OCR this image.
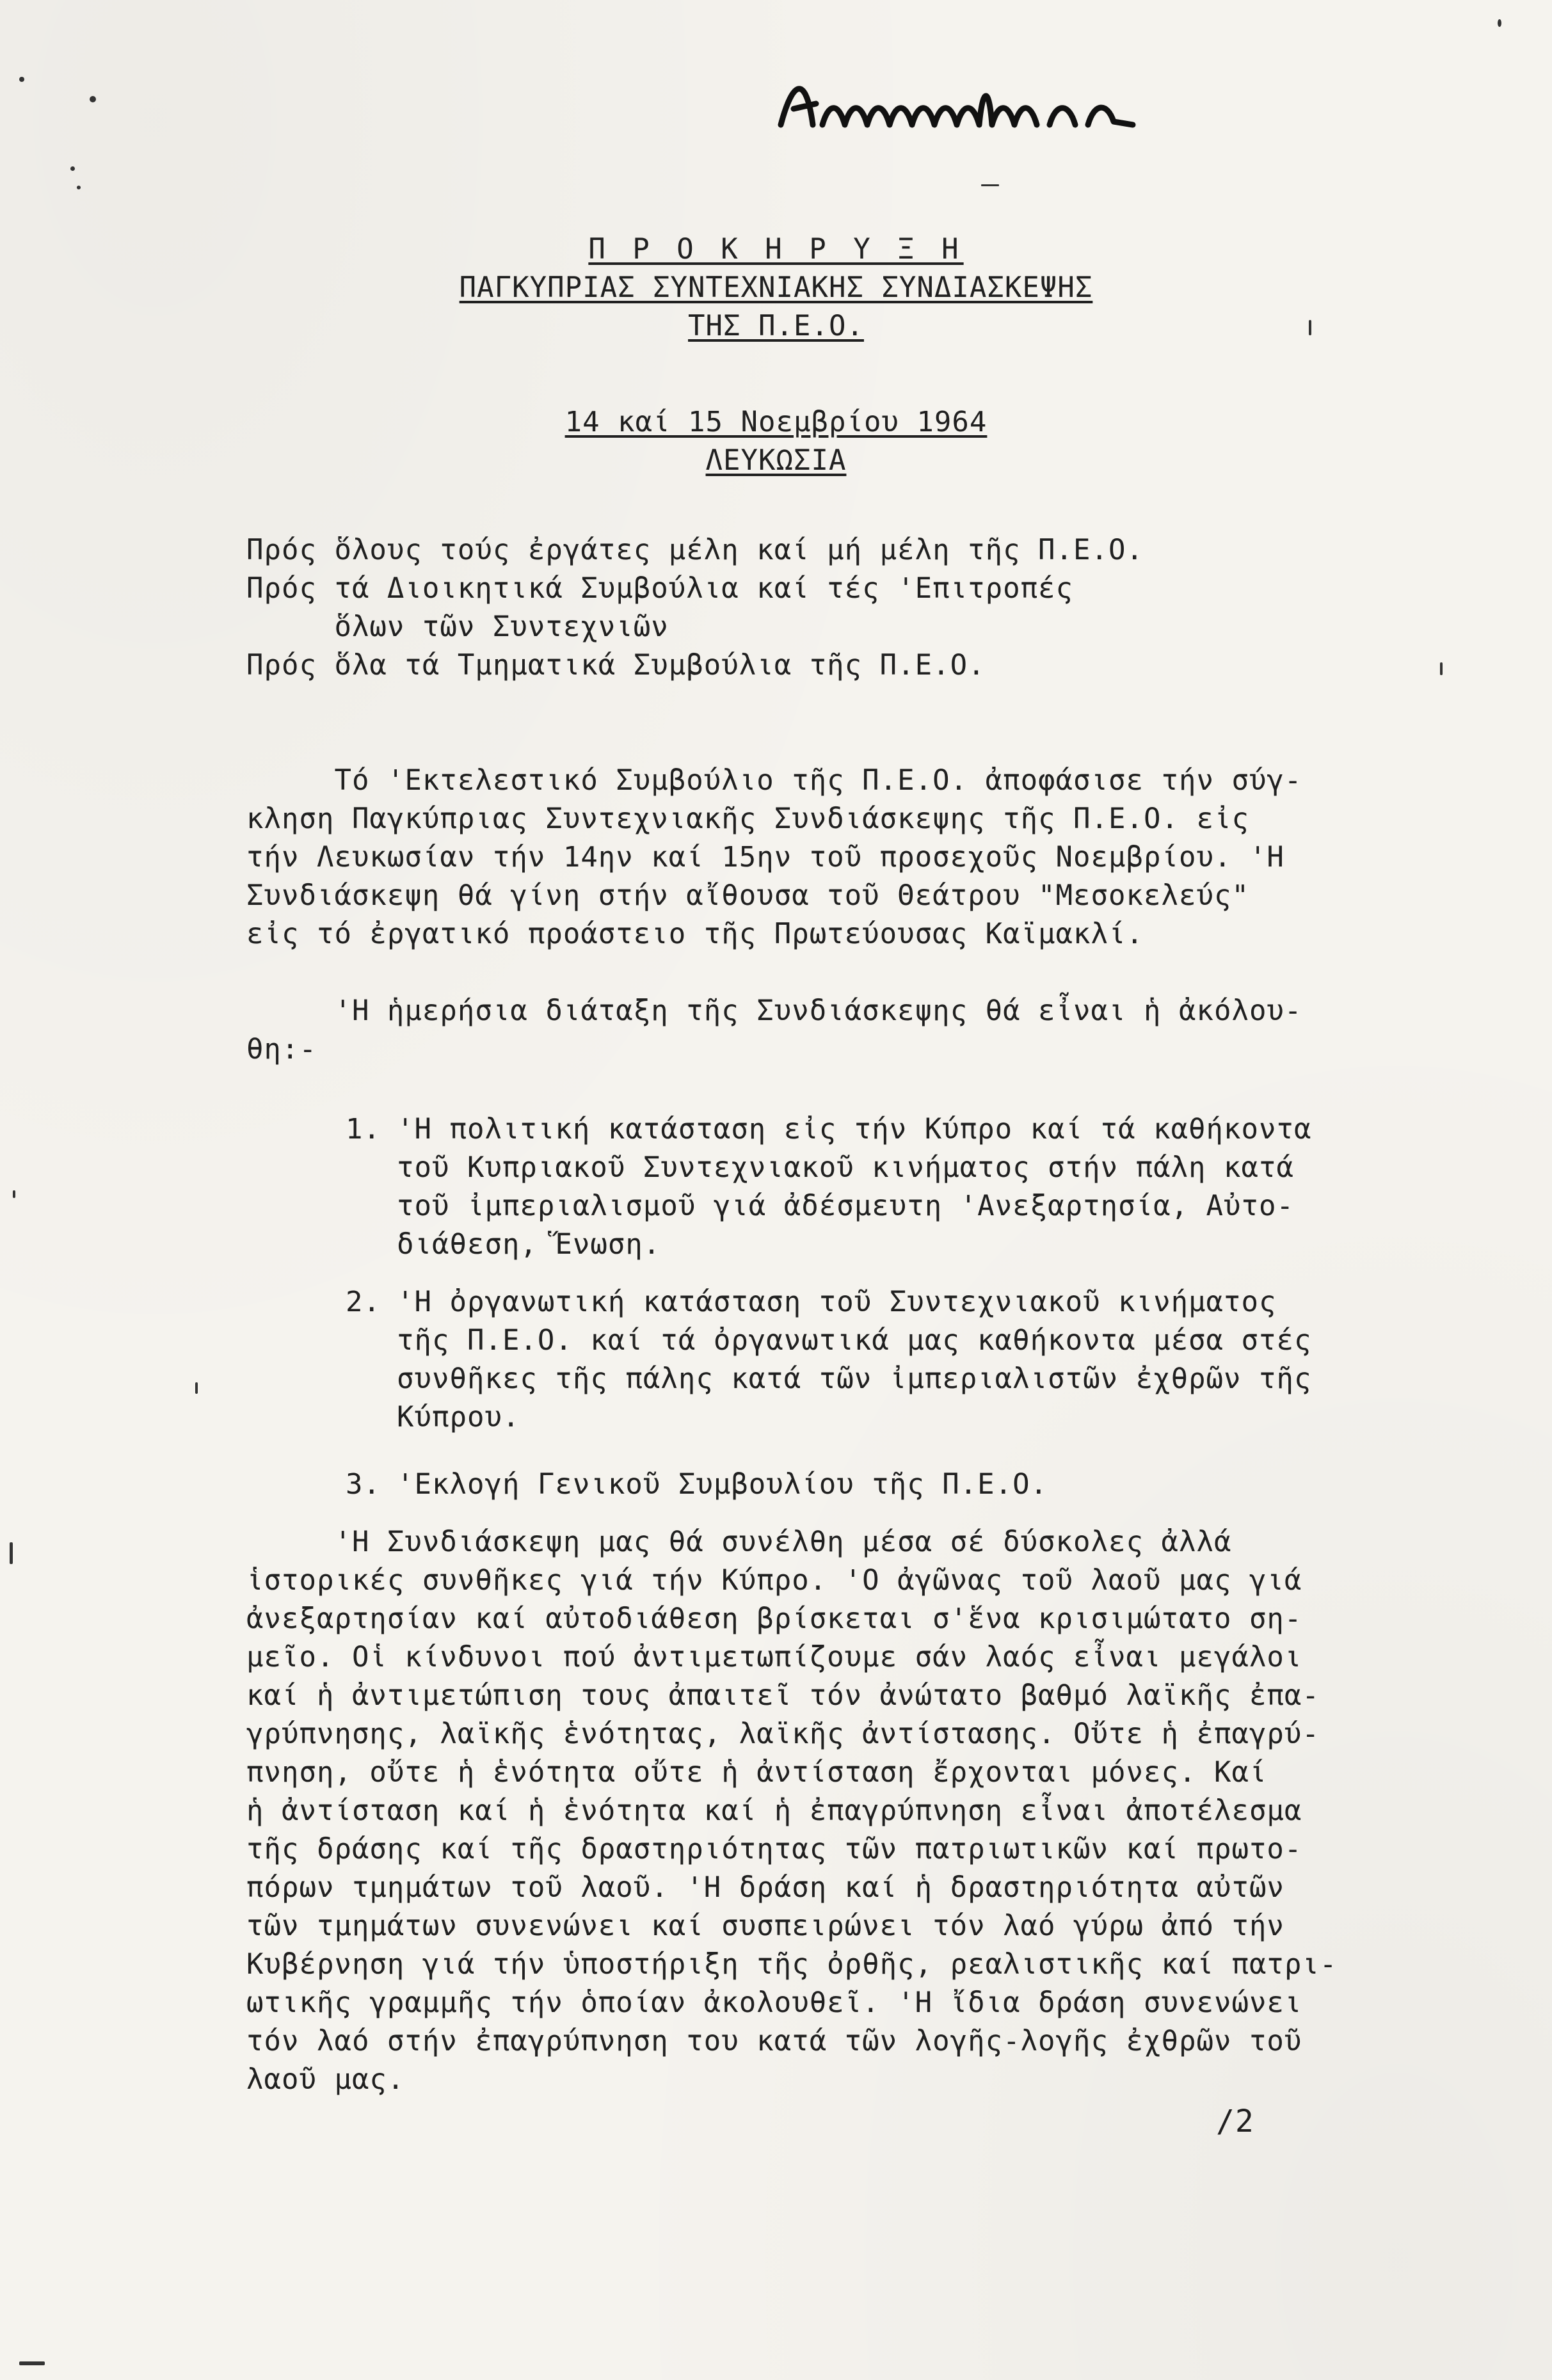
Ανακοινώσεις ΑΚΕΛ
Π Ρ Ο Κ Η Ρ Υ Ξ Η
ΠΑΓΚΥΠΡΙΑΣ ΣΥΝΤΕΧΝΙΑΚΗΣ ΣΥΝΔΙΑΣΚΕΨΗΣ
ΤΗΣ Π.Ε.Ο.
14 καί 15 Νοεμβρίου 1964
ΛΕΥΚΩΣΙΑ
Πρός ὅλους τούς ἐργάτες μέλη καί μή μέλη τῆς Π.Ε.Ο.
Πρός τά Διοικητικά Συμβούλια καί τές 'Επιτροπές
ὅλων τῶν Συντεχνιῶν
Πρός ὅλα τά Τμηματικά Συμβούλια τῆς Π.Ε.Ο.
Τό 'Εκτελεστικό Συμβούλιο τῆς Π.Ε.Ο. ἀποφάσισε τήν σύγ-
κληση Παγκύπριας Συντεχνιακῆς Συνδιάσκεψης τῆς Π.Ε.Ο. εἰς
τήν Λευκωσίαν τήν 14ην καί 15ην τοῦ προσεχοῦς Νοεμβρίου. 'Η
Συνδιάσκεψη θά γίνη στήν αἴθουσα τοῦ Θεάτρου "Μεσοκελεύς"
εἰς τό ἐργατικό προάστειο τῆς Πρωτεύουσας Καϊμακλί.
'Η ἡμερήσια διάταξη τῆς Συνδιάσκεψης θά εἶναι ἡ ἀκόλου-
θη:-
1. 'Η πολιτική κατάσταση εἰς τήν Κύπρο καί τά καθήκοντα
τοῦ Κυπριακοῦ Συντεχνιακοῦ κινήματος στήν πάλη κατά
τοῦ ἰμπεριαλισμοῦ γιά ἀδέσμευτη 'Ανεξαρτησία, Αὐτο-
διάθεση, Ἕνωση.
2. 'Η ὀργανωτική κατάσταση τοῦ Συντεχνιακοῦ κινήματος
τῆς Π.Ε.Ο. καί τά ὀργανωτικά μας καθήκοντα μέσα στές
συνθῆκες τῆς πάλης κατά τῶν ἰμπεριαλιστῶν ἐχθρῶν τῆς
Κύπρου.
3. 'Εκλογή Γενικοῦ Συμβουλίου τῆς Π.Ε.Ο.
'Η Συνδιάσκεψη μας θά συνέλθη μέσα σέ δύσκολες ἀλλά
ἱστορικές συνθῆκες γιά τήν Κύπρο. 'Ο ἀγῶνας τοῦ λαοῦ μας γιά
ἀνεξαρτησίαν καί αὐτοδιάθεση βρίσκεται σ'ἕνα κρισιμώτατο ση-
μεῖο. Οἱ κίνδυνοι πού ἀντιμετωπίζουμε σάν λαός εἶναι μεγάλοι
καί ἡ ἀντιμετώπιση τους ἀπαιτεῖ τόν ἀνώτατο βαθμό λαϊκῆς ἐπα-
γρύπνησης, λαϊκῆς ἑνότητας, λαϊκῆς ἀντίστασης. Οὔτε ἡ ἐπαγρύ-
πνηση, οὔτε ἡ ἑνότητα οὔτε ἡ ἀντίσταση ἔρχονται μόνες. Καί
ἡ ἀντίσταση καί ἡ ἑνότητα καί ἡ ἐπαγρύπνηση εἶναι ἀποτέλεσμα
τῆς δράσης καί τῆς δραστηριότητας τῶν πατριωτικῶν καί πρωτο-
πόρων τμημάτων τοῦ λαοῦ. 'Η δράση καί ἡ δραστηριότητα αὐτῶν
τῶν τμημάτων συνενώνει καί συσπειρώνει τόν λαό γύρω ἀπό τήν
Κυβέρνηση γιά τήν ὑποστήριξη τῆς ὀρθῆς, ρεαλιστικῆς καί πατρι-
ωτικῆς γραμμῆς τήν ὁποίαν ἀκολουθεῖ. 'Η ἴδια δράση συνενώνει
τόν λαό στήν ἐπαγρύπνηση του κατά τῶν λογῆς-λογῆς ἐχθρῶν τοῦ
λαοῦ μας.
/2
